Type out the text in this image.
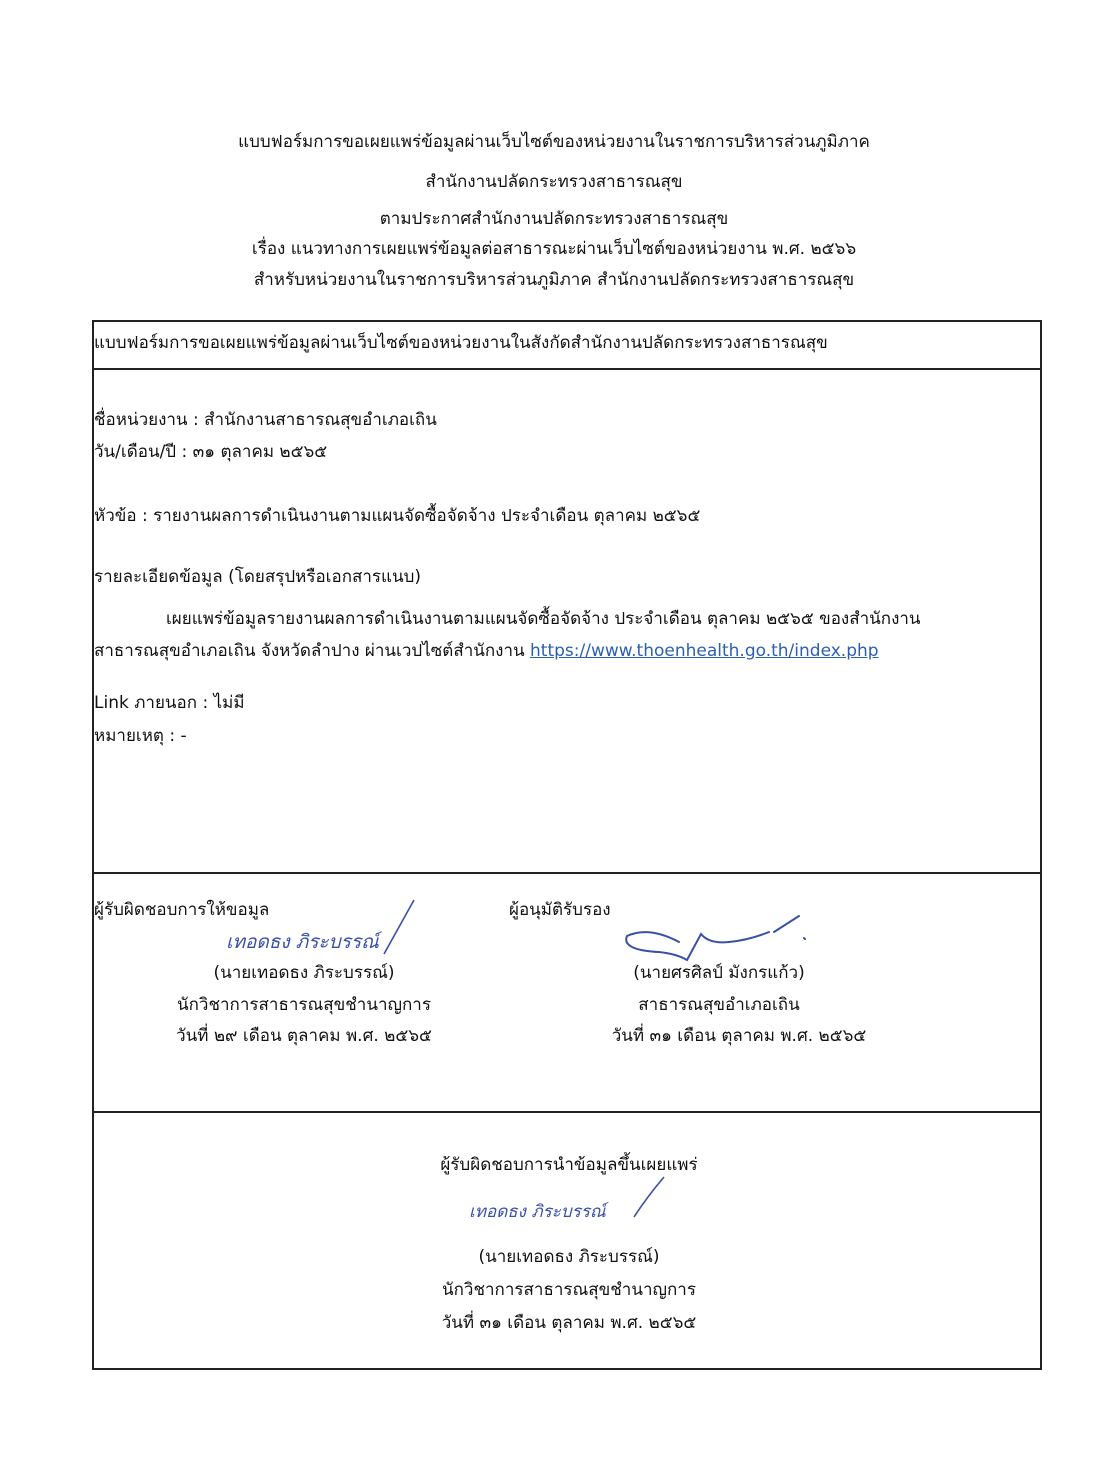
แบบฟอร์มการขอเผยแพร่ข้อมูลผ่านเว็บไซต์ของหน่วยงานในราชการบริหารส่วนภูมิภาค
สำนักงานปลัดกระทรวงสาธารณสุข
ตามประกาศสำนักงานปลัดกระทรวงสาธารณสุข
เรื่อง แนวทางการเผยแพร่ข้อมูลต่อสาธารณะผ่านเว็บไซต์ของหน่วยงาน พ.ศ. ๒๕๖๖
สำหรับหน่วยงานในราชการบริหารส่วนภูมิภาค สำนักงานปลัดกระทรวงสาธารณสุข
แบบฟอร์มการขอเผยแพร่ข้อมูลผ่านเว็บไซต์ของหน่วยงานในสังกัดสำนักงานปลัดกระทรวงสาธารณสุข
ชื่อหน่วยงาน : สำนักงานสาธารณสุขอำเภอเถิน
วัน/เดือน/ปี : ๓๑ ตุลาคม ๒๕๖๕
หัวข้อ : รายงานผลการดำเนินงานตามแผนจัดซื้อจัดจ้าง ประจำเดือน ตุลาคม ๒๕๖๕
รายละเอียดข้อมูล (โดยสรุปหรือเอกสารแนบ)
เผยแพร่ข้อมูลรายงานผลการดำเนินงานตามแผนจัดซื้อจัดจ้าง ประจำเดือน ตุลาคม ๒๕๖๕ ของสำนักงาน
สาธารณสุขอำเภอเถิน จังหวัดลำปาง ผ่านเวปไซต์สำนักงาน https://www.thoenhealth.go.th/index.php
Link ภายนอก : ไม่มี
หมายเหตุ : -
ผู้รับผิดชอบการให้ขอมูล	ผู้อนุมัติรับรอง
เทอดธง ภิระบรรณ์
(นายเทอดธง ภิระบรรณ์)
นักวิชาการสาธารณสุขชำนาญการ
วันที่ ๒๙ เดือน ตุลาคม พ.ศ. ๒๕๖๕
(นายศรศิลป์ มังกรแก้ว)
สาธารณสุขอำเภอเถิน
วันที่ ๓๑ เดือน ตุลาคม พ.ศ. ๒๕๖๕
ผู้รับผิดชอบการนำข้อมูลขึ้นเผยแพร่
เทอดธง ภิระบรรณ์
(นายเทอดธง ภิระบรรณ์)
นักวิชาการสาธารณสุขชำนาญการ
วันที่ ๓๑ เดือน ตุลาคม พ.ศ. ๒๕๖๕
